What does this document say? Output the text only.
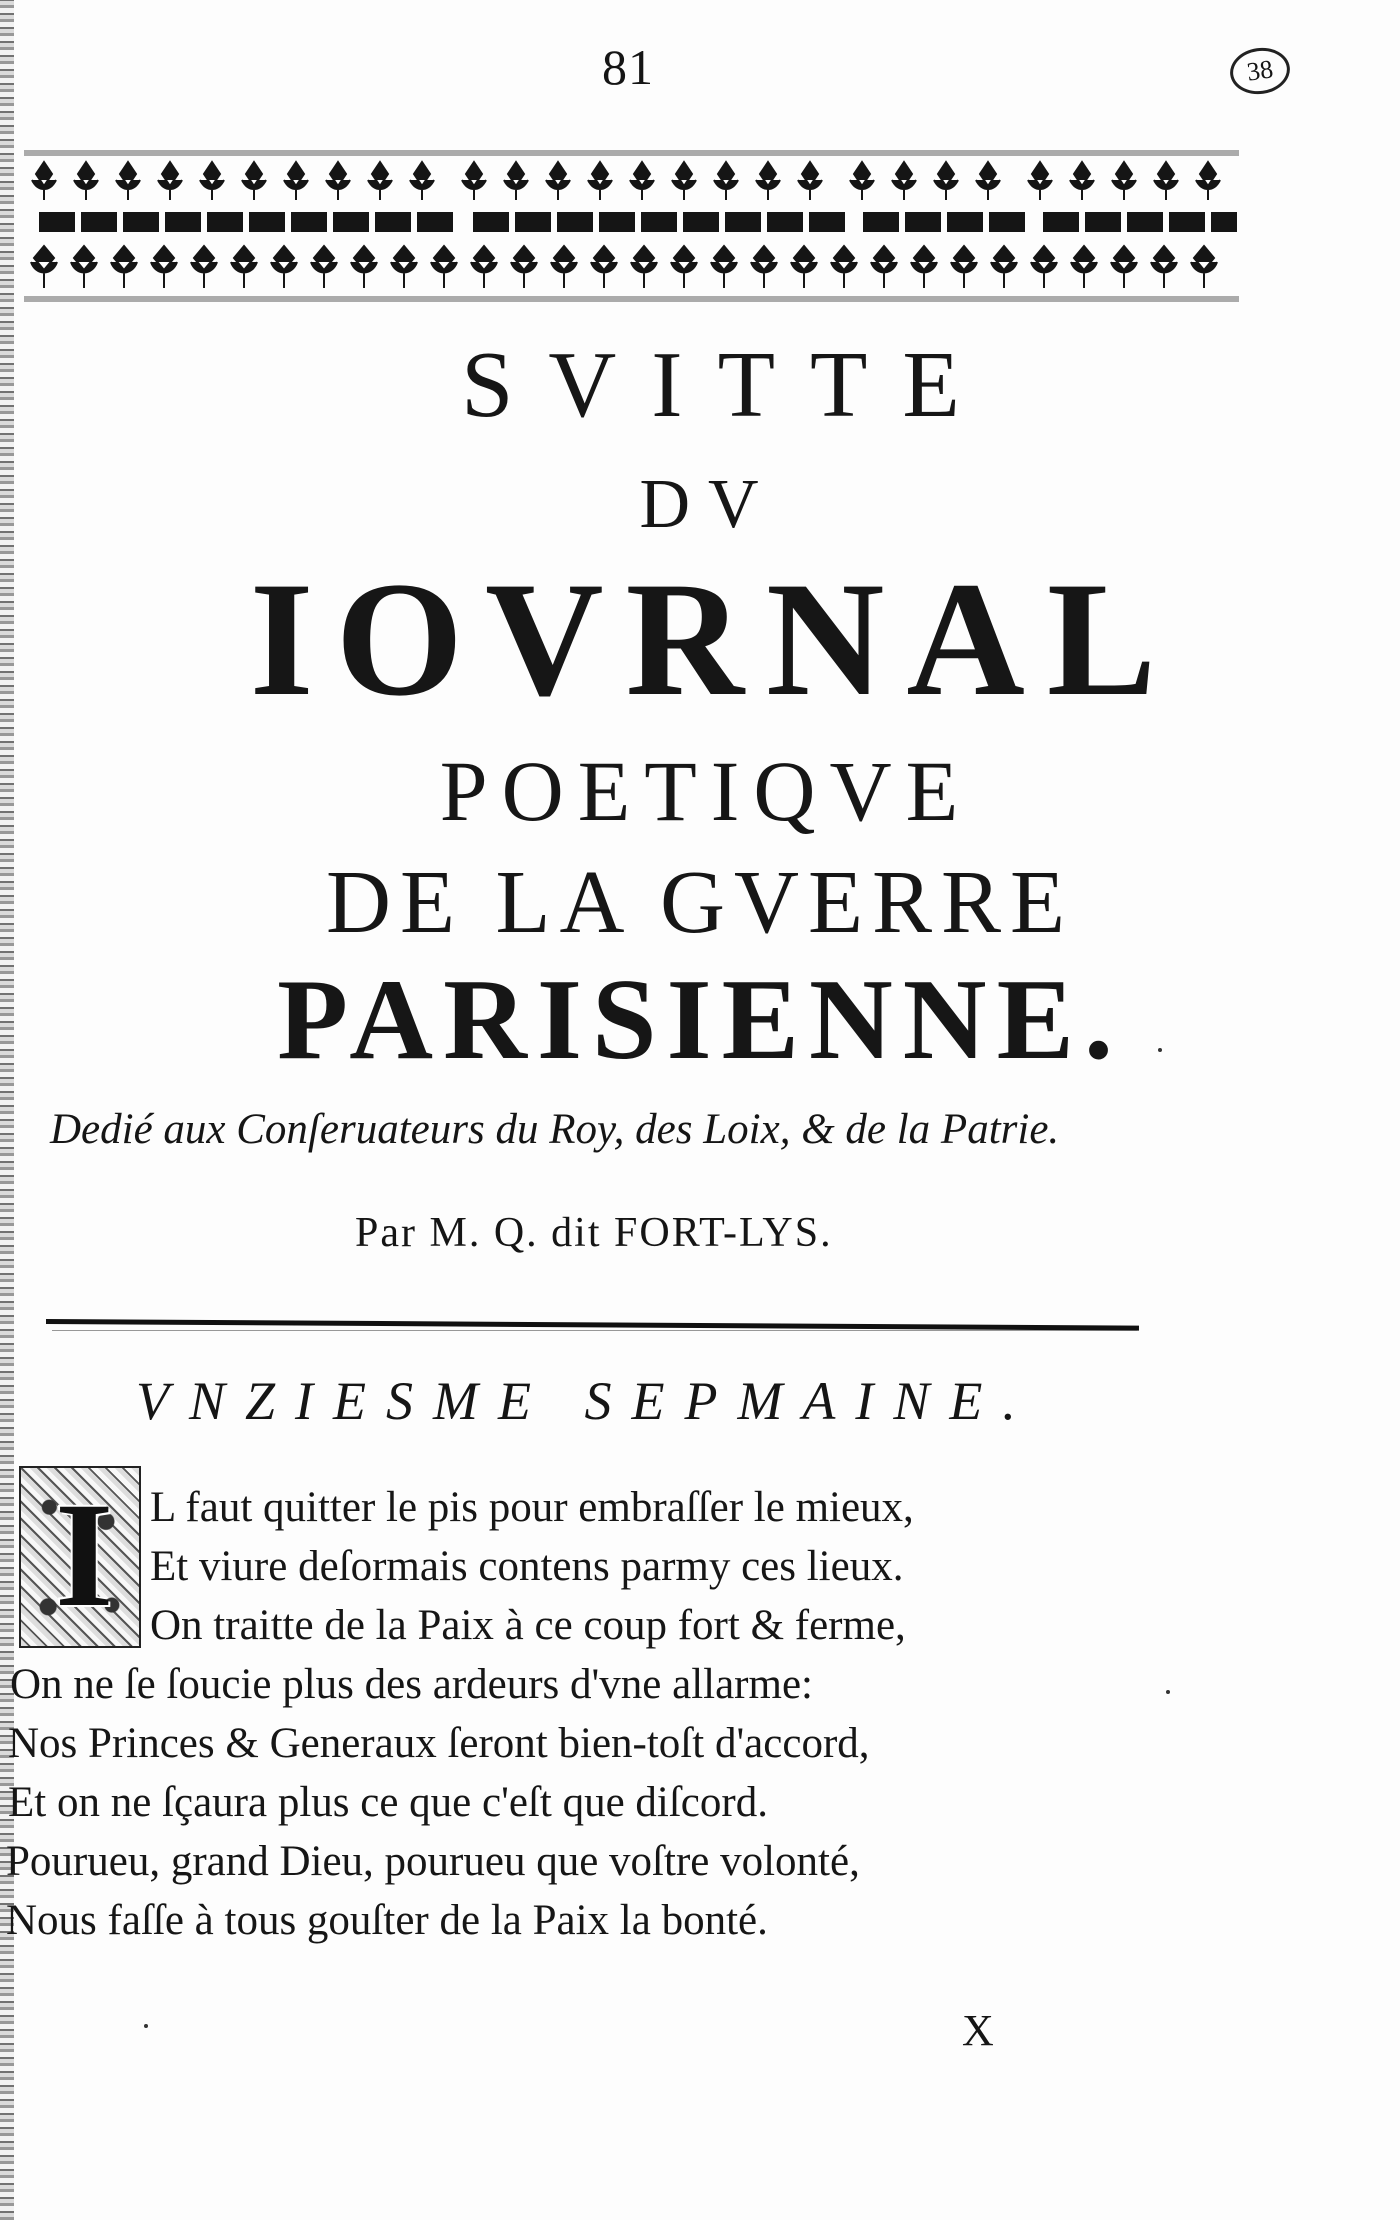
81	38
SVITTE
DV
IOVRNAL
POETIQVE
DE LA GVERRE
PARISIENNE.
Dedié aux Conſeruateurs du Roy, des Loix, & de la Patrie.
Par M. Q. dit FORT-LYS.
VNZIESME SEPMAINE.
I L faut quitter le pis pour embraſſer le mieux,
Et viure deſormais contens parmy ces lieux.
On traitte de la Paix à ce coup fort & ferme,
On ne ſe ſoucie plus des ardeurs d'vne allarme:
Nos Princes & Generaux ſeront bien-toſt d'accord,
Et on ne ſçaura plus ce que c'eſt que diſcord.
Pourueu, grand Dieu, pourueu que voſtre volonté,
Nous faſſe à tous gouſter de la Paix la bonté.
X
